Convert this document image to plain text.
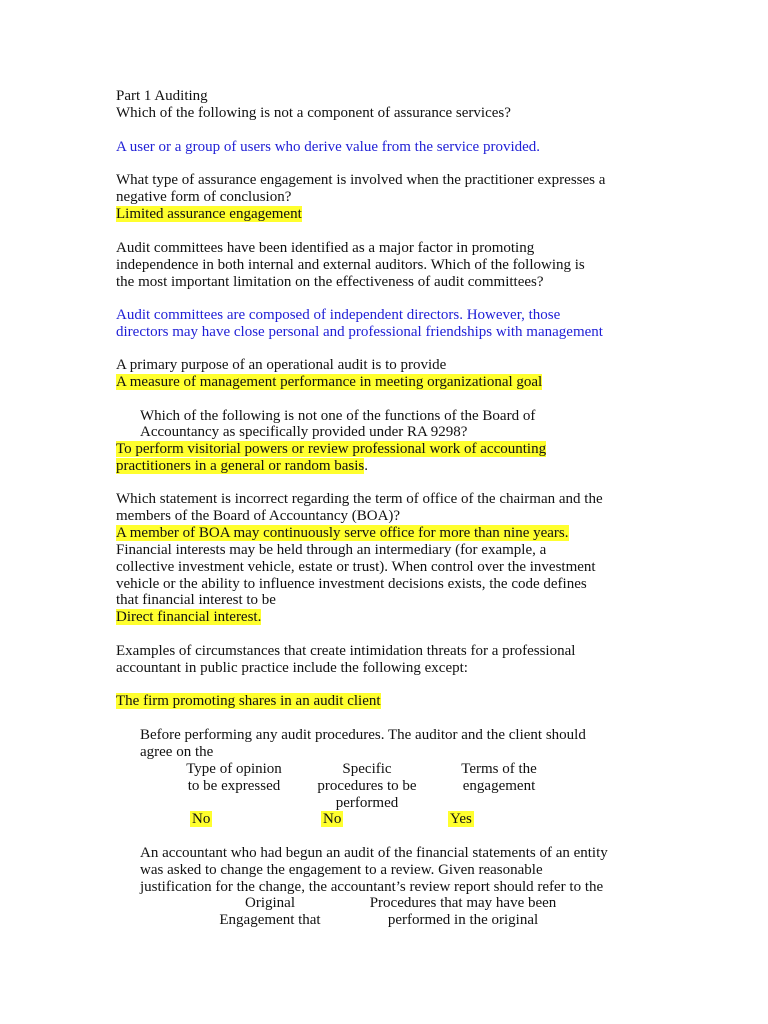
Part 1 Auditing
Which of the following is not a component of assurance services?
A user or a group of users who derive value from the service provided.
What type of assurance engagement is involved when the practitioner expresses a
negative form of conclusion?
Limited assurance engagement
Audit committees have been identified as a major factor in promoting
independence in both internal and external auditors. Which of the following is
the most important limitation on the effectiveness of audit committees?
Audit committees are composed of independent directors. However, those
directors may have close personal and professional friendships with management
A primary purpose of an operational audit is to provide
A measure of management performance in meeting organizational goal
Which of the following is not one of the functions of the Board of
Accountancy as specifically provided under RA 9298?
To perform visitorial powers or review professional work of accounting
practitioners in a general or random basis.
Which statement is incorrect regarding the term of office of the chairman and the
members of the Board of Accountancy (BOA)?
A member of BOA may continuously serve office for more than nine years.
Financial interests may be held through an intermediary (for example, a
collective investment vehicle, estate or trust). When control over the investment
vehicle or the ability to influence investment decisions exists, the code defines
that financial interest to be
Direct financial interest.
Examples of circumstances that create intimidation threats for a professional
accountant in public practice include the following except:
The firm promoting shares in an audit client
Before performing any audit procedures. The auditor and the client should
agree on the
Type of opinion
to be expressed
Specific
procedures to be
performed
Terms of the
engagement
No	No	Yes
An accountant who had begun an audit of the financial statements of an entity
was asked to change the engagement to a review. Given reasonable
justification for the change, the accountant’s review report should refer to the
Original
Engagement that
Procedures that may have been
performed in the original
